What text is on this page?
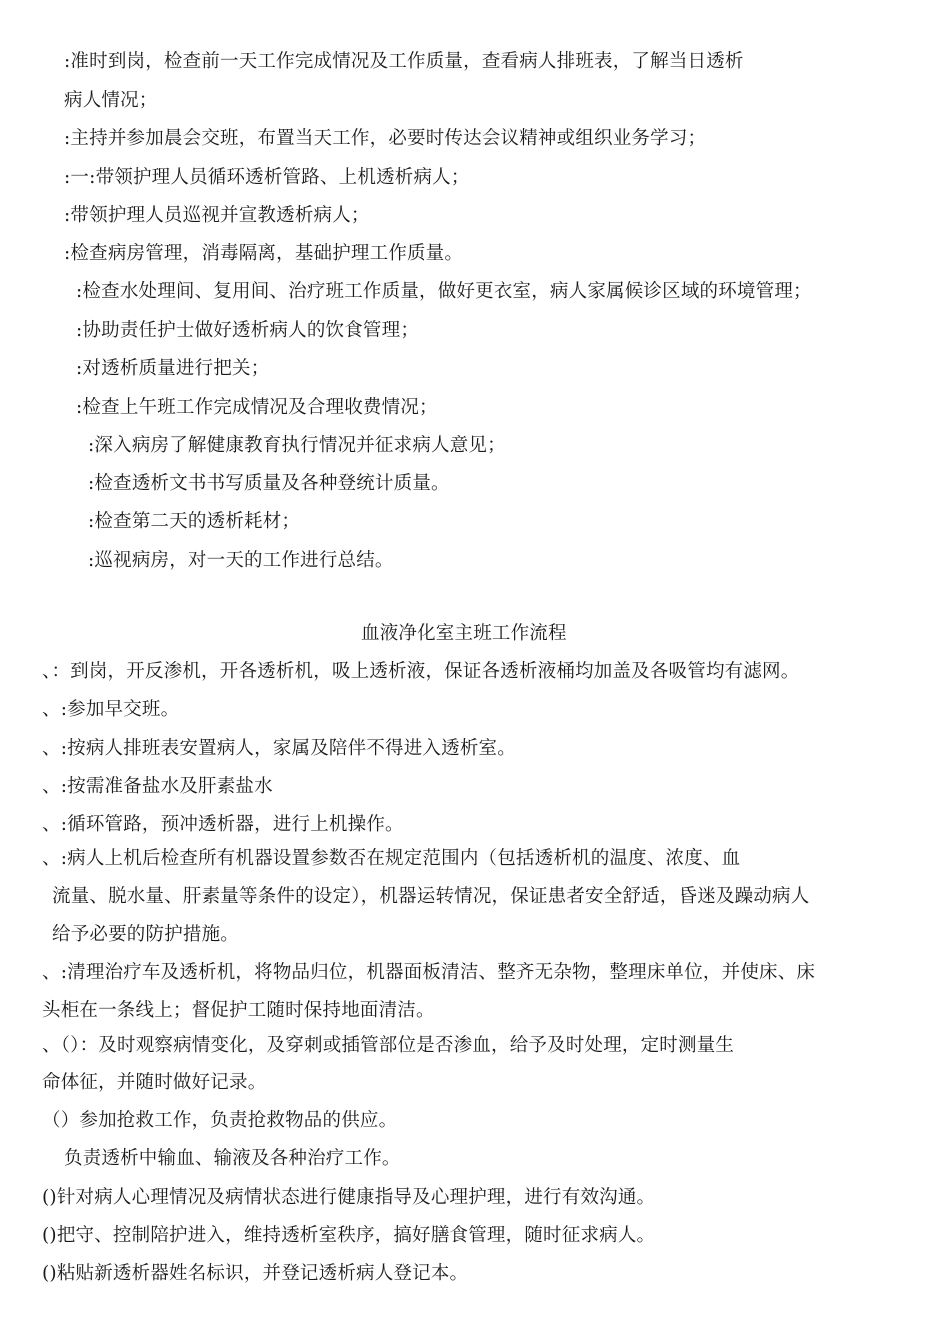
:准时到岗，检查前一天工作完成情况及工作质量，查看病人排班表，了解当日透析
病人情况；
:主持并参加晨会交班，布置当天工作，必要时传达会议精神或组织业务学习；
:一:带领护理人员循环透析管路、上机透析病人；
:带领护理人员巡视并宣教透析病人；
:检查病房管理，消毒隔离，基础护理工作质量。
:检查水处理间、复用间、治疗班工作质量，做好更衣室，病人家属候诊区域的环境管理；
:协助责任护士做好透析病人的饮食管理；
:对透析质量进行把关；
:检查上午班工作完成情况及合理收费情况；
:深入病房了解健康教育执行情况并征求病人意见；
:检查透析文书书写质量及各种登统计质量。
:检查第二天的透析耗材；
:巡视病房，对一天的工作进行总结。
血液净化室主班工作流程
、：到岗，开反渗机，开各透析机，吸上透析液，保证各透析液桶均加盖及各吸管均有滤网。
、:参加早交班。
、:按病人排班表安置病人，家属及陪伴不得进入透析室。
、:按需准备盐水及肝素盐水
、:循环管路，预冲透析器，进行上机操作。
、:病人上机后检查所有机器设置参数否在规定范围内（包括透析机的温度、浓度、血
流量、脱水量、肝素量等条件的设定），机器运转情况，保证患者安全舒适，昏迷及躁动病人
给予必要的防护措施。
、:清理治疗车及透析机，将物品归位，机器面板清洁、整齐无杂物，整理床单位，并使床、床
头柜在一条线上；督促护工随时保持地面清洁。
、（）：及时观察病情变化，及穿刺或插管部位是否渗血，给予及时处理，定时测量生
命体征，并随时做好记录。
（）参加抢救工作，负责抢救物品的供应。
负责透析中输血、输液及各种治疗工作。
()针对病人心理情况及病情状态进行健康指导及心理护理，进行有效沟通。
()把守、控制陪护进入，维持透析室秩序，搞好膳食管理，随时征求病人。
()粘贴新透析器姓名标识，并登记透析病人登记本。
